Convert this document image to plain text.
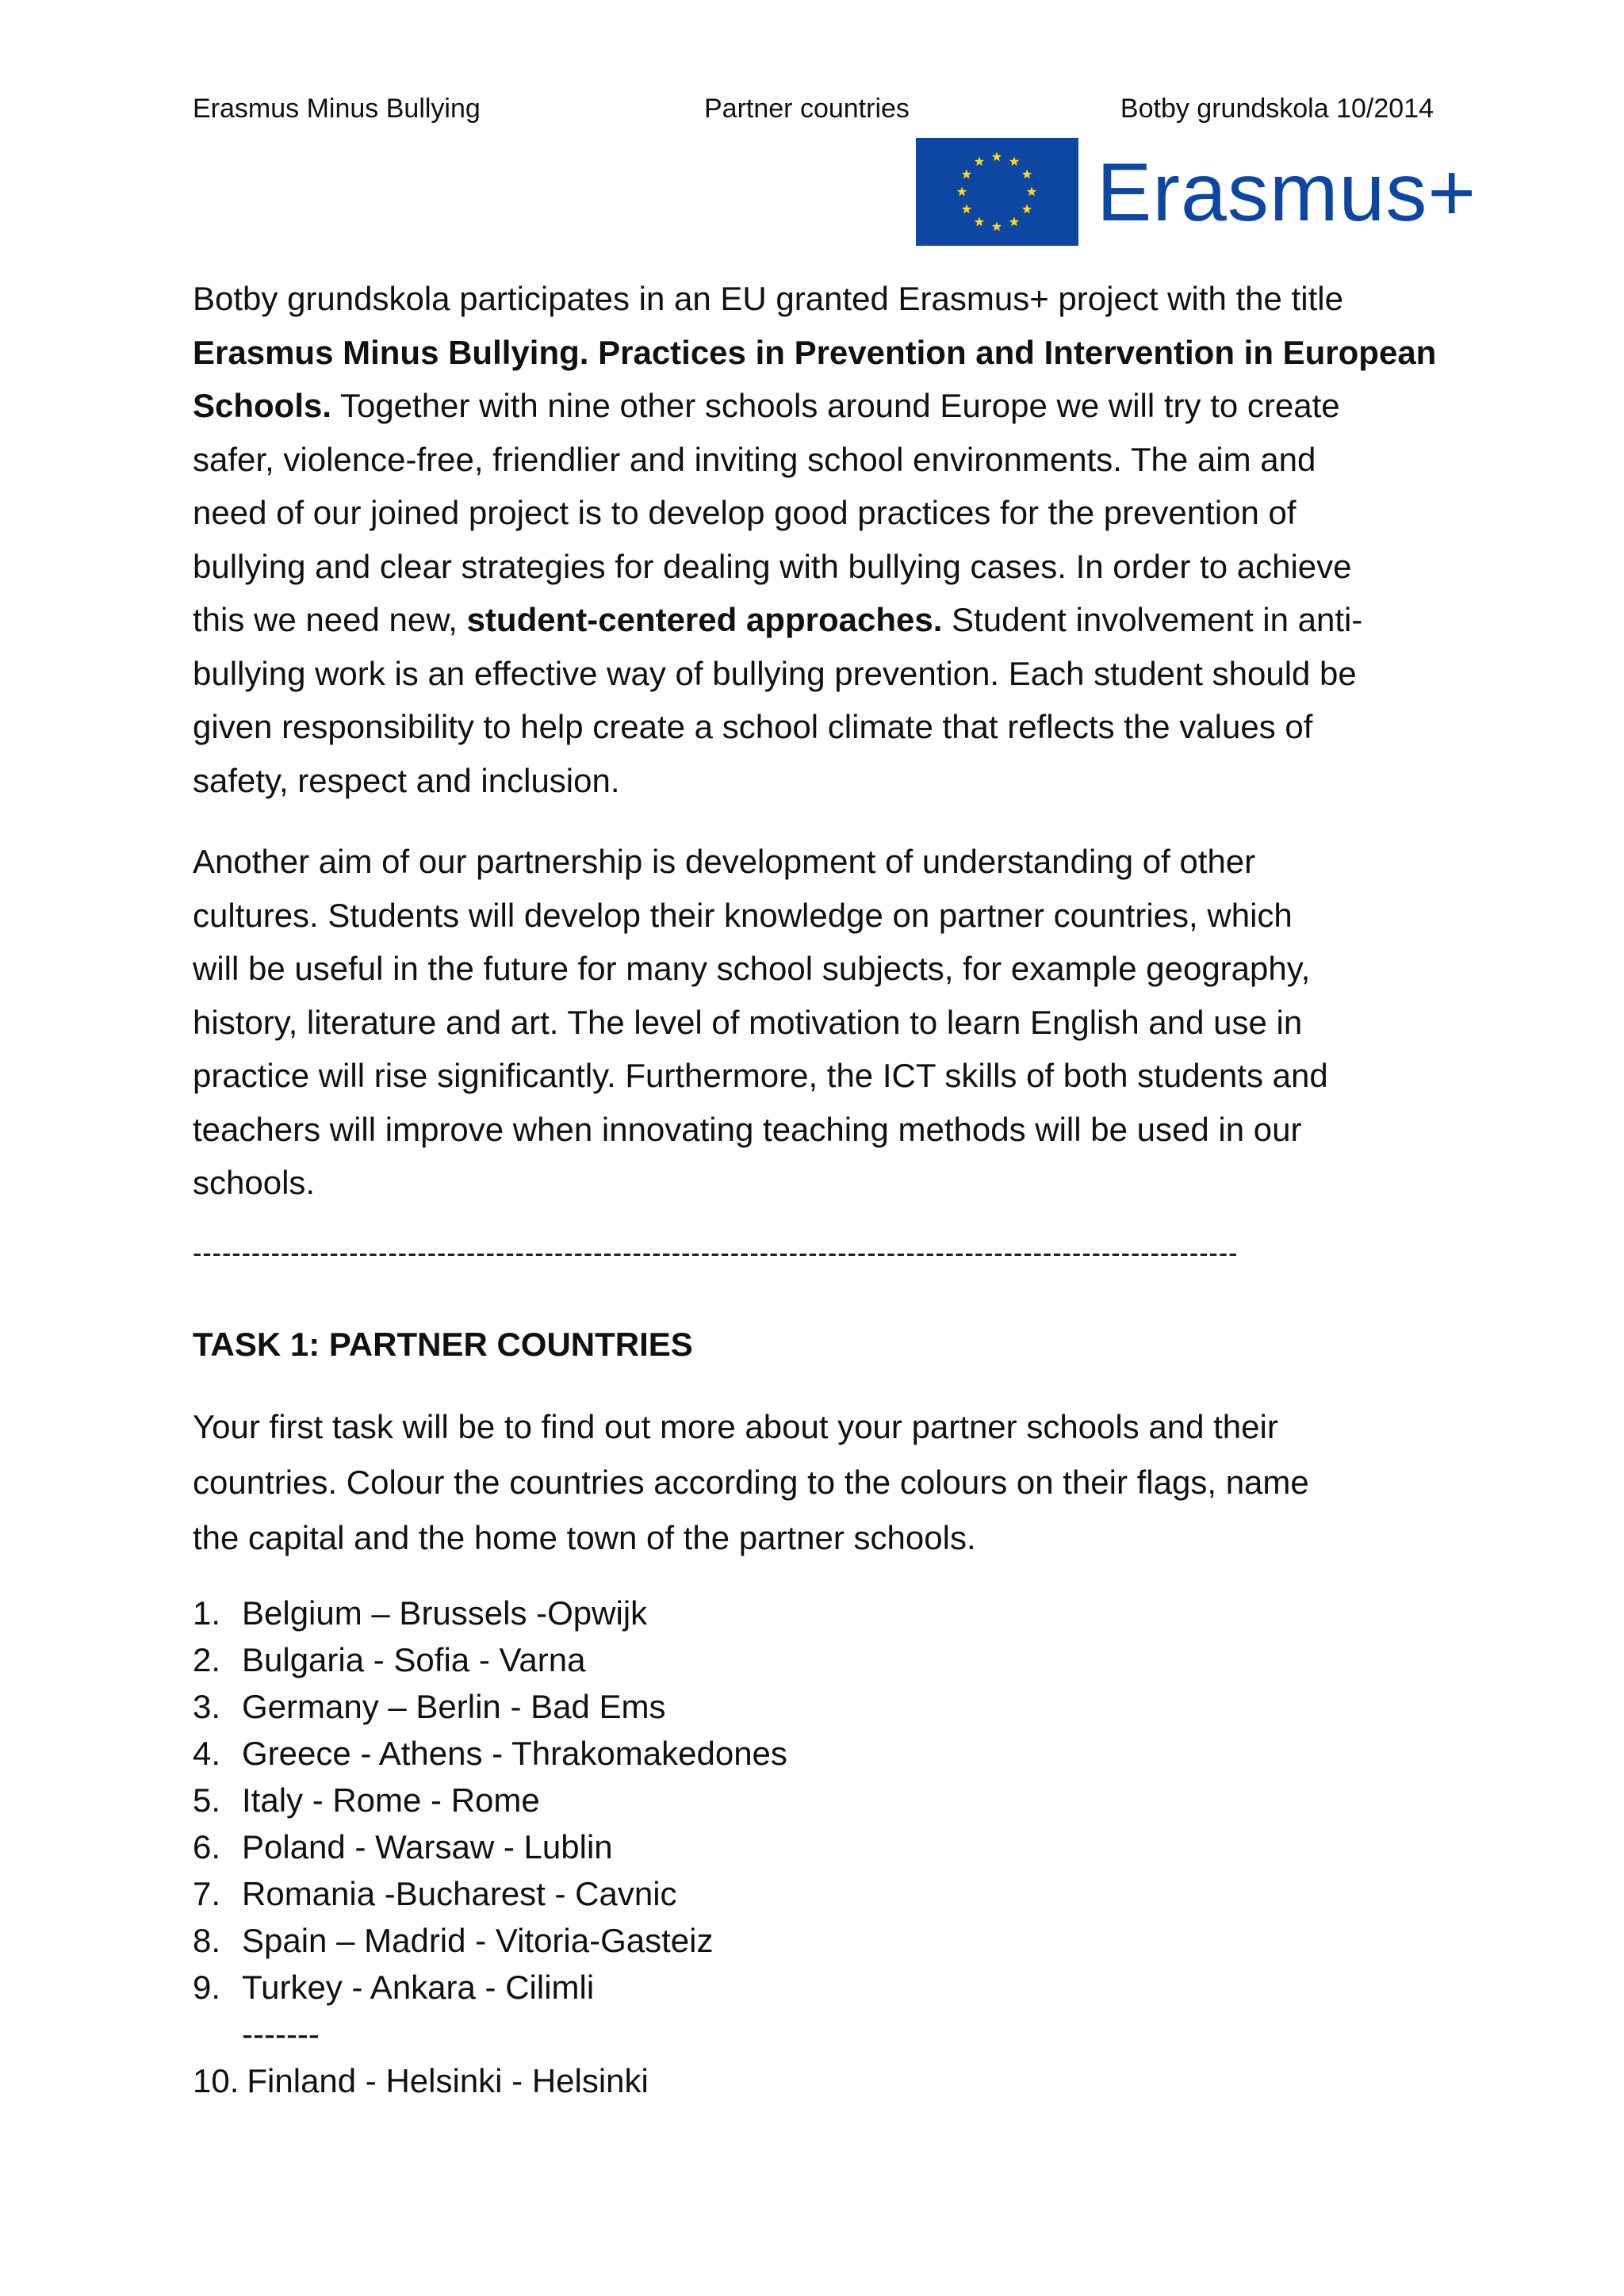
Erasmus Minus Bullying	Partner countries	Botby grundskola 10/2014
Erasmus+
Botby grundskola participates in an EU granted Erasmus+ project with the title
Erasmus Minus Bullying. Practices in Prevention and Intervention in European
Schools. Together with nine other schools around Europe we will try to create
safer, violence-free, friendlier and inviting school environments. The aim and
need of our joined project is to develop good practices for the prevention of
bullying and clear strategies for dealing with bullying cases. In order to achieve
this we need new, student-centered approaches. Student involvement in anti-
bullying work is an effective way of bullying prevention. Each student should be
given responsibility to help create a school climate that reflects the values of
safety, respect and inclusion.
Another aim of our partnership is development of understanding of other
cultures. Students will develop their knowledge on partner countries, which
will be useful in the future for many school subjects, for example geography,
history, literature and art. The level of motivation to learn English and use in
practice will rise significantly. Furthermore, the ICT skills of both students and
teachers will improve when innovating teaching methods will be used in our
schools.
-----------------------------------------------------------------------------------------------------------
TASK 1: PARTNER COUNTRIES
Your first task will be to find out more about your partner schools and their
countries. Colour the countries according to the colours on their flags, name
the capital and the home town of the partner schools.
1. Belgium – Brussels -Opwijk
2. Bulgaria - Sofia - Varna
3. Germany – Berlin - Bad Ems
4. Greece - Athens - Thrakomakedones
5. Italy - Rome - Rome
6. Poland - Warsaw - Lublin
7. Romania -Bucharest - Cavnic
8. Spain – Madrid - Vitoria-Gasteiz
9. Turkey - Ankara - Cilimli
-------
10. Finland - Helsinki - Helsinki
